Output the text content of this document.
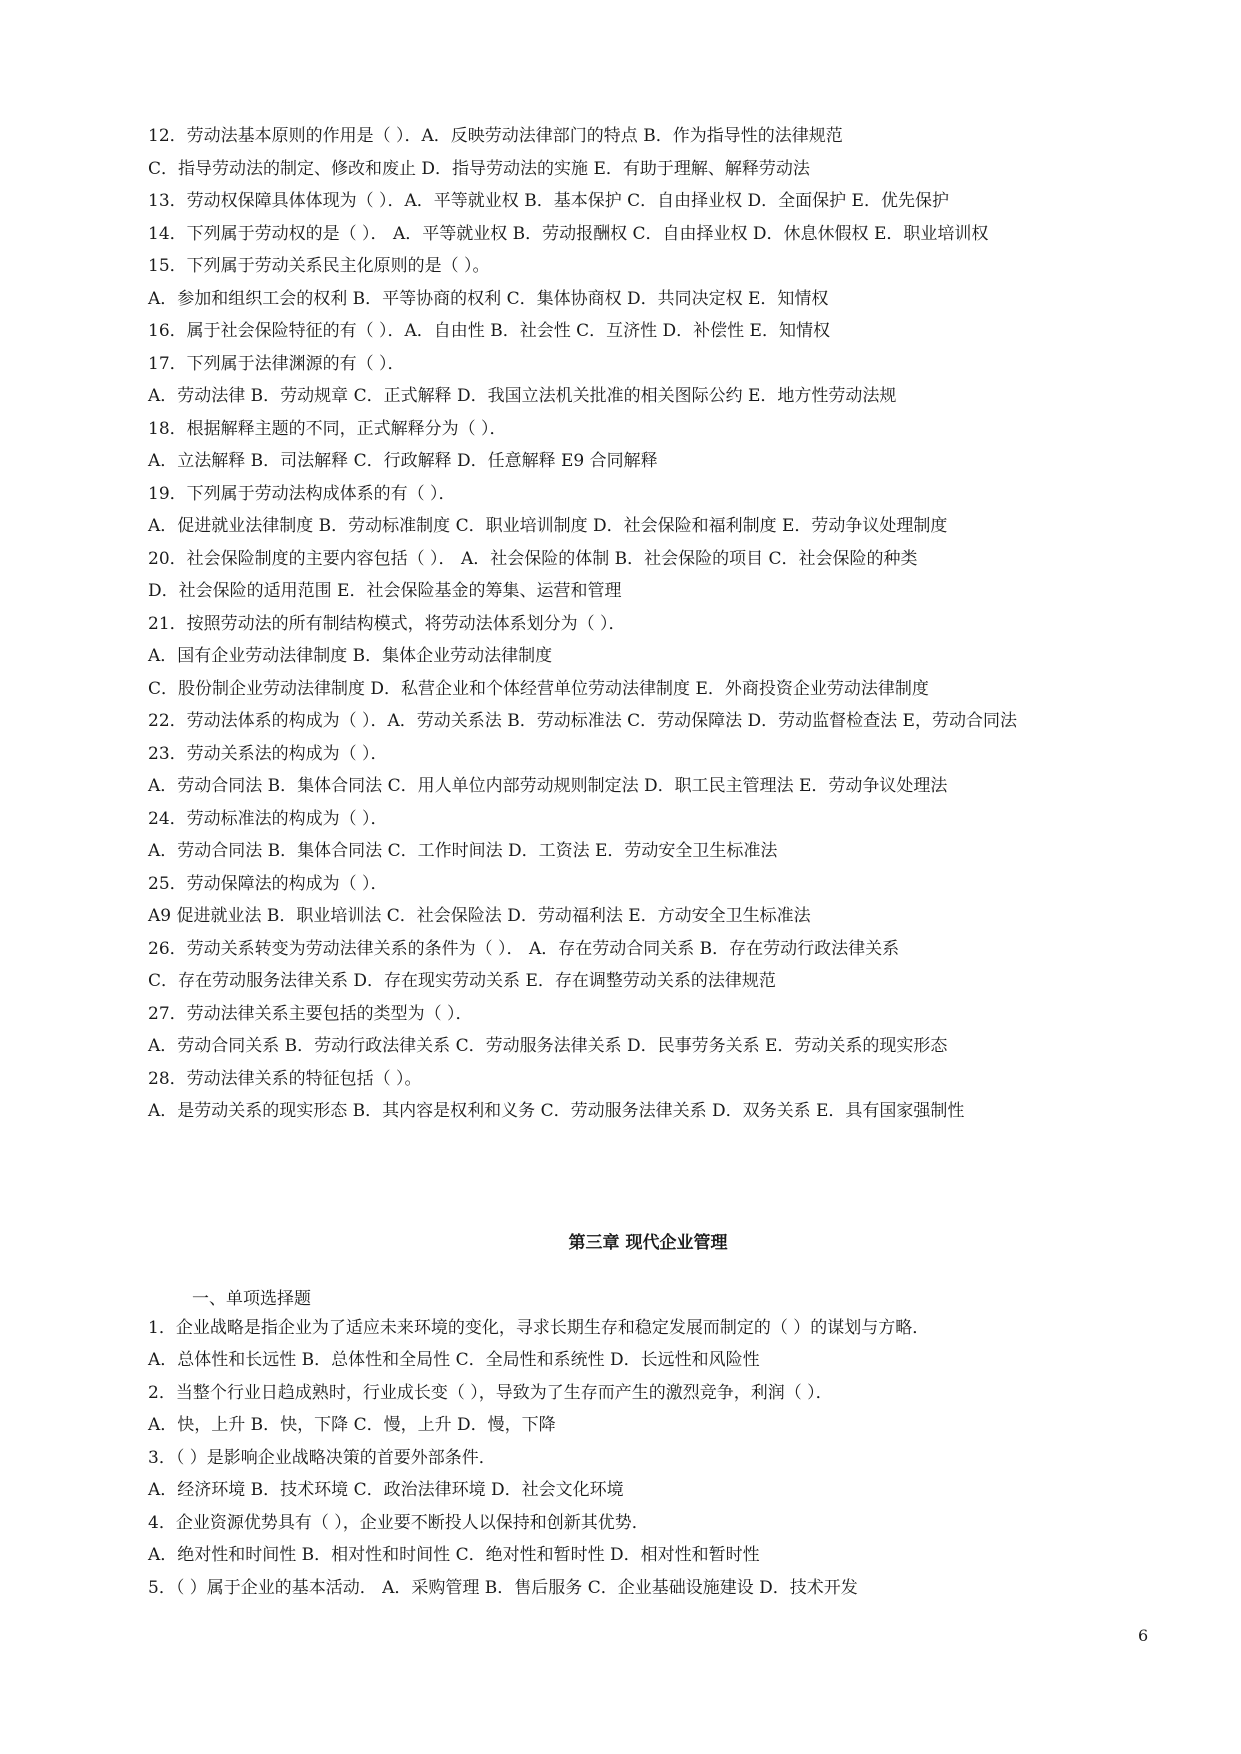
12．劳动法基本原则的作用是（ ）．A．反映劳动法律部门的特点 B．作为指导性的法律规范
C．指导劳动法的制定、修改和废止 D．指导劳动法的实施 E．有助于理解、解释劳动法
13．劳动权保障具体体现为（ ）．A．平等就业权 B．基本保护 C．自由择业权 D．全面保护 E．优先保护
14．下列属于劳动权的是（ ）． A．平等就业权 B．劳动报酬权 C．自由择业权 D．休息休假权 E．职业培训权
15．下列属于劳动关系民主化原则的是（ ）。
A．参加和组织工会的权利 B．平等协商的权利 C．集体协商权 D．共同决定权 E．知情权
16．属于社会保险特征的有（ ）．A．自由性 B．社会性 C．互济性 D．补偿性 E．知情权
17．下列属于法律渊源的有（ ）．
A．劳动法律 B．劳动规章 C．正式解释 D．我国立法机关批准的相关图际公约 E．地方性劳动法规
18．根据解释主题的不同，正式解释分为（ ）．
A．立法解释 B．司法解释 C．行政解释 D．任意解释 E9 合同解释
19．下列属于劳动法构成体系的有（ ）．
A．促进就业法律制度 B．劳动标准制度 C．职业培训制度 D．社会保险和福利制度 E．劳动争议处理制度
20．社会保险制度的主要内容包括（ ）． A．社会保险的体制 B．社会保险的项目 C．社会保险的种类
D．社会保险的适用范围 E．社会保险基金的筹集、运营和管理
21．按照劳动法的所有制结构模式，将劳动法体系划分为（ ）．
A．国有企业劳动法律制度 B．集体企业劳动法律制度
C．股份制企业劳动法律制度 D．私营企业和个体经营单位劳动法律制度 E．外商投资企业劳动法律制度
22．劳动法体系的构成为（ ）．A．劳动关系法 B．劳动标准法 C．劳动保障法 D．劳动监督检查法 E，劳动合同法
23．劳动关系法的构成为（ ）．
A．劳动合同法 B．集体合同法 C．用人单位内部劳动规则制定法 D．职工民主管理法 E．劳动争议处理法
24．劳动标准法的构成为（ ）．
A．劳动合同法 B．集体合同法 C．工作时间法 D．工资法 E．劳动安全卫生标准法
25．劳动保障法的构成为（ ）．
A9 促进就业法 B．职业培训法 C．社会保险法 D．劳动福利法 E．方动安全卫生标准法
26．劳动关系转变为劳动法律关系的条件为（ ）． A．存在劳动合同关系 B．存在劳动行政法律关系
C．存在劳动服务法律关系 D．存在现实劳动关系 E．存在调整劳动关系的法律规范
27．劳动法律关系主要包括的类型为（ ）．
A．劳动合同关系 B．劳动行政法律关系 C．劳动服务法律关系 D．民事劳务关系 E．劳动关系的现实形态
28．劳动法律关系的特征包括（ ）。
A．是劳动关系的现实形态 B．其内容是权利和义务 C．劳动服务法律关系 D．双务关系 E．具有国家强制性
第三章 现代企业管理
一、单项选择题
1．企业战略是指企业为了适应未来环境的变化，寻求长期生存和稳定发展而制定的（ ）的谋划与方略．
A．总体性和长远性 B．总体性和全局性 C．全局性和系统性 D．长远性和风险性
2．当整个行业日趋成熟时，行业成长变（ ），导致为了生存而产生的激烈竞争，利润（ ）．
A．快，上升 B．快，下降 C．慢，上升 D．慢，下降
3．（ ）是影响企业战略决策的首要外部条件．
A．经济环境 B．技术环境 C．政治法律环境 D．社会文化环境
4．企业资源优势具有（ ），企业要不断投人以保持和创新其优势．
A．绝对性和时间性 B．相对性和时间性 C．绝对性和暂时性 D．相对性和暂时性
5．（ ）属于企业的基本活动． A．采购管理 B．售后服务 C．企业基础设施建设 D．技术开发
6
